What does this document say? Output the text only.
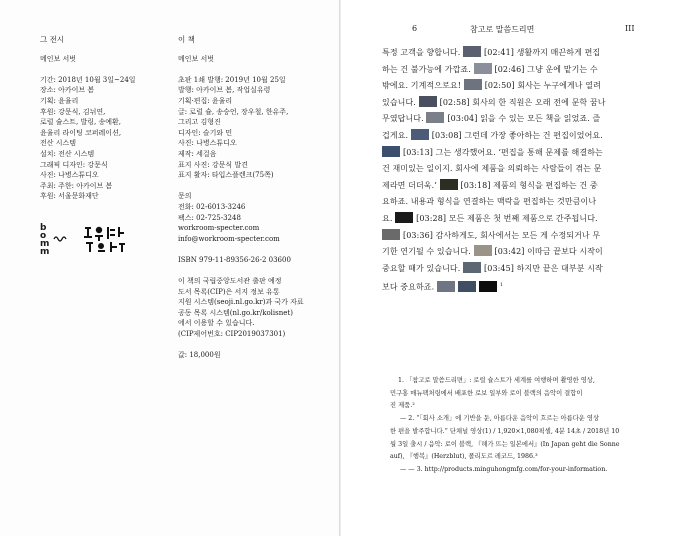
그 전시
메인보 서벗
기간: 2018년 10월 3일~24일
장소: 아카이브 봄
기획: 윤율리
후원: 강문식, 김뉘연,
로럴 슐스트, 발링, 송예환,
윤율리 라이팅 코퍼레이션,
전산 시스템
설치: 전산 시스템
그래픽 디자인: 강문식
사진: 나병스튜디오
주최: 주한: 아카이브 봄
후원: 서울문화재단
b
o
m
m
서울문화재단
이 책
메인보 서벗
초판 1쇄 발행: 2019년 10월 25일
발행: 아카이브 봄, 작업실유령
기획·편집: 윤율리
글: 로럴 슐, 송승언, 장우철, 한유주,
그리고 김형진
디자인: 슬기와 민
사진: 나병스튜디오
제작: 세걸음
표지 사진: 강문식 발견
표지 활자: 타입스플렌크(75쪽)
문의
전화: 02-6013-3246
팩스: 02-725-3248
workroom-specter.com
info@workroom-specter.com
ISBN 979-11-89356-26-2 03600
이 책의 국립중앙도서관 출판 예정
도서 목록(CIP)은 서지 정보 유통
지원 시스템(seoji.nl.go.kr)과 국가 자료
공동 목록 시스템(nl.go.kr/kolisnet)
에서 이용할 수 있습니다.
(CIP제어번호: CIP2019037301)
값: 18,000원
6	참고로 말씀드리면	III
특정 고객을 향합니다.	[02:41] 생활까지 매끈하게 편집
하는 건 불가능에 가깝죠.	[02:46] 그냥 운에 맡기는 수
밖에요. 기계적으로요!	[02:50] 회사는 누구에게나 열려
있습니다.	[02:58] 회사의 한 직원은 오래 전에 문학 꿈나
무였답니다.	[03:04] 읽을 수 있는 모든 책을 읽었죠. 즐
겁게요.	[03:08] 그런데 가장 좋아하는 건 편집이었어요.
[03:13] 그는 생각했어요. ‘편집을 통해 문제를 해결하는
건 재미있는 일이지. 회사에 제품을 의뢰하는 사람들이 겪는 문
제라면 더더욱.’	[03:18] 제품의 형식을 편집하는 건 중
요하죠. 내용과 형식을 연결하는 맥락을 편집하는 것만큼이나
요.	[03:28] 모든 제품은 첫 번째 제품으로 간주됩니다.
[03:36] 감사하게도, 회사에서는 모든 게 수정되거나 무
기한 연기될 수 있습니다.	[03:42] 이따금 끝보다 시작이
중요할 때가 있습니다.	[03:45] 하지만 끝은 대부분 시작
보다 중요하죠.	$^1$
1. 「참고로 말씀드리면」: 로럴 슐스트가 세계를 여행하며 촬영한 영상,
민구홍 매뉴팩처링에서 배포한 로보 일부와 로이 블랙의 음악이 결합이
진 제품.²
— 2. “「회사 소개」에 기반을 둔, 아름다운 음악이 흐르는 아름다운 영상
한 편을 발주합니다.” 단채널 영상(1) / 1,920×1,080픽셀, 4분 14초 / 2018년 10
월 3일 출시 / 음악: 로이 블랙, 『해가 뜨는 일본에서』(In Japan geht die Sonne
auf), 『행복』(Herzblut), 폴리도르 레코드, 1986.³
— — 3. http://products.minguhongmfg.com/for-your-information.
